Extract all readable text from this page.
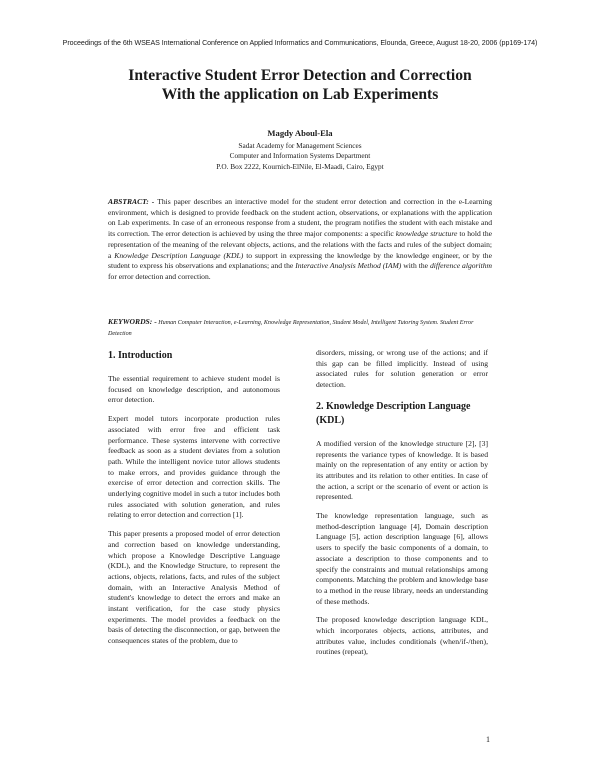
Proceedings of the 6th WSEAS International Conference on Applied Informatics and Communications, Elounda, Greece, August 18-20, 2006 (pp169-174)
Interactive Student Error Detection and Correction
With the application on Lab Experiments
Magdy Aboul-Ela
Sadat Academy for Management Sciences
Computer and Information Systems Department
P.O. Box 2222, Kournich-ElNile, El-Maadi, Cairo, Egypt
ABSTRACT: - This paper describes an interactive model for the student error detection and correction in the e-Learning environment, which is designed to provide feedback on the student action, observations, or explanations with the application on Lab experiments. In case of an erroneous response from a student, the program notifies the student with each mistake and its correction. The error detection is achieved by using the three major components: a specific knowledge structure to hold the representation of the meaning of the relevant objects, actions, and the relations with the facts and rules of the subject domain; a Knowledge Description Language (KDL) to support in expressing the knowledge by the knowledge engineer, or by the student to express his observations and explanations; and the Interactive Analysis Method (IAM) with the difference algorithm for error detection and correction.
KEYWORDS: - Human Computer Interaction, e-Learning, Knowledge Representation, Student Model, Intelligent Tutoring System. Student Error Detection
1. Introduction

The essential requirement to achieve student model is focused on knowledge description, and autonomous error detection.

Expert model tutors incorporate production rules associated with error free and efficient task performance. These systems intervene with corrective feedback as soon as a student deviates from a solution path. While the intelligent novice tutor allows students to make errors, and provides guidance through the exercise of error detection and correction skills. The underlying cognitive model in such a tutor includes both rules associated with solution generation, and rules relating to error detection and correction [1].

This paper presents a proposed model of error detection and correction based on knowledge understanding, which propose a Knowledge Descriptive Language (KDL), and the Knowledge Structure, to represent the actions, objects, relations, facts, and rules of the subject domain, with an Interactive Analysis Method of student's knowledge to detect the errors and make an instant verification, for the case study physics experiments. The model provides a feedback on the basis of detecting the disconnection, or gap, between the consequences states of the problem, due to

disorders, missing, or wrong use of the actions; and if this gap can be filled implicitly. Instead of using associated rules for solution generation or error detection.

2. Knowledge Description Language (KDL)

A modified version of the knowledge structure [2], [3] represents the variance types of knowledge. It is based mainly on the representation of any entity or action by its attributes and its relation to other entities. In case of the action, a script or the scenario of event or action is represented.

The knowledge representation language, such as method-description language [4], Domain description Language [5], action description language [6], allows users to specify the basic components of a domain, to associate a description to those components and to specify the constraints and mutual relationships among components. Matching the problem and knowledge base to a method in the reuse library, needs an understanding of these methods.

The proposed knowledge description language KDL, which incorporates objects, actions, attributes, and attributes value, includes conditionals (when/if-/then), routines (repeat),

1
